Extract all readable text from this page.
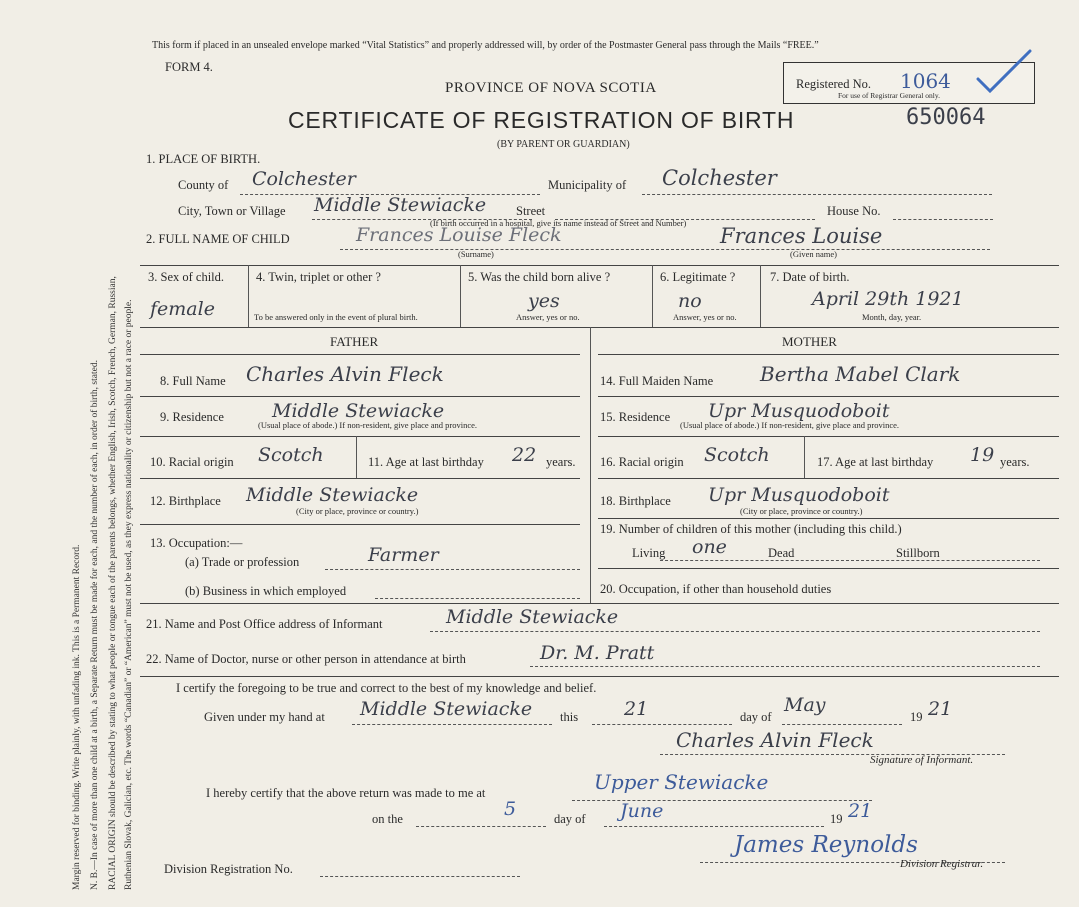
Margin reserved for binding. Write plainly, with unfading ink. This is a Permanent Record. N. B.—In case of more than one child at a birth, a Separate Return must be made for each, and the number of each, in order of birth, stated. RACIAL ORIGIN should be described by stating to what people or tongue each of the parents belongs, whether English, Irish, Scotch, French, German, Russian, Ruthenian Slovak, Galician, etc. The words “Canadian” or “American” must not be used, as they express nationality or citizenship but not a race or people.
This form if placed in an unsealed envelope marked “Vital Statistics” and properly addressed will, by order of the Postmaster General pass through the Mails “FREE.”
FORM 4.
PROVINCE OF NOVA SCOTIA
CERTIFICATE OF REGISTRATION OF BIRTH
(BY PARENT OR GUARDIAN)
Registered No. 1064
For use of Registrar General only.
650064
1. PLACE OF BIRTH.
County of Colchester	Municipality of Colchester
City, Town or Village Middle Stewiacke Street	House No.
(If birth occurred in a hospital, give its name instead of Street and Number)
2. FULL NAME OF CHILD	Frances Louise Fleck	Frances Louise
(Surname)	(Given name)
3. Sex of child.
female
4. Twin, triplet or other ?
To be answered only in the event of plural birth.
5. Was the child born alive ?
yes
Answer, yes or no.
6. Legitimate ?
no
Answer, yes or no.
7. Date of birth.
April 29th 1921
Month, day, year.
FATHER	MOTHER
8. Full Name Charles Alvin Fleck
9. Residence	Middle Stewiacke
(Usual place of abode.) If non-resident, give place and province.
10. Racial origin Scotch	11. Age at last birthday 22 years.
12. Birthplace Middle Stewiacke
(City or place, province or country.)
13. Occupation:—
(a) Trade or profession	Farmer
(b) Business in which employed
14. Full Maiden Name Bertha Mabel Clark
15. Residence Upr Musquodoboit
(Usual place of abode.) If non-resident, give place and province.
16. Racial origin Scotch	17. Age at last birthday 19 years.
18. Birthplace Upr Musquodoboit
(City or place, province or country.)
19. Number of children of this mother (including this child.)
Living one	Dead	Stillborn
20. Occupation, if other than household duties
21. Name and Post Office address of Informant	Middle Stewiacke
22. Name of Doctor, nurse or other person in attendance at birth	Dr. M. Pratt
I certify the foregoing to be true and correct to the best of my knowledge and belief.
Given under my hand at Middle Stewiacke this 21	day of
May
19 21
Charles Alvin Fleck
Signature of Informant.
I hereby certify that the above return was made to me at	Upper Stewiacke
on the	5	day of June	19 21
James Reynolds
Division Registrar.
Division Registration No.
